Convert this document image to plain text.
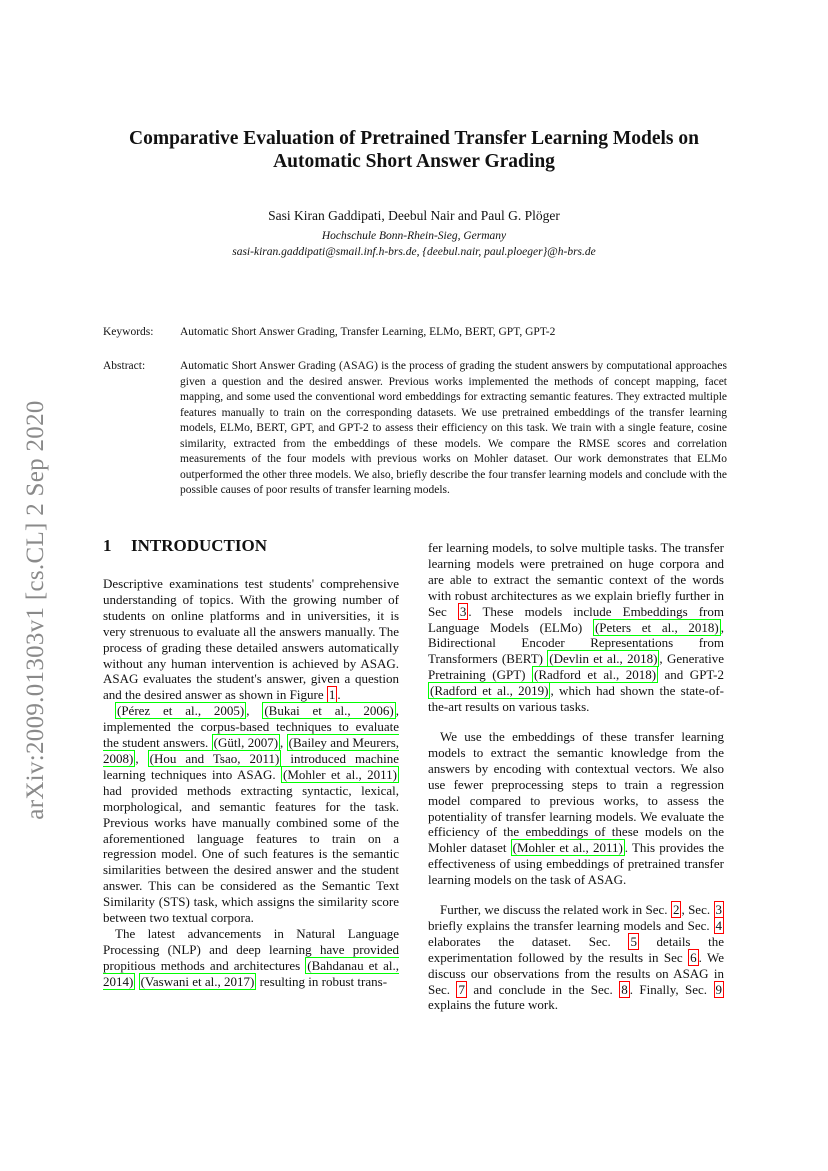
arXiv:2009.01303v1 [cs.CL] 2 Sep 2020
Comparative Evaluation of Pretrained Transfer Learning Models on
Automatic Short Answer Grading
Sasi Kiran Gaddipati, Deebul Nair and Paul G. Plöger
Hochschule Bonn-Rhein-Sieg, Germany
sasi-kiran.gaddipati@smail.inf.h-brs.de, {deebul.nair, paul.ploeger}@h-brs.de
Keywords: Automatic Short Answer Grading, Transfer Learning, ELMo, BERT, GPT, GPT-2
Abstract:	Automatic Short Answer Grading (ASAG) is the process of grading the student answers by computational approaches given a question and the desired answer. Previous works implemented the methods of concept mapping, facet mapping, and some used the conventional word embeddings for extracting semantic features. They extracted multiple features manually to train on the corresponding datasets. We use pretrained embeddings of the transfer learning models, ELMo, BERT, GPT, and GPT-2 to assess their efficiency on this task. We train with a single feature, cosine similarity, extracted from the embeddings of these models. We compare the RMSE scores and correlation measurements of the four models with previous works on Mohler dataset. Our work demonstrates that ELMo outperformed the other three models. We also, briefly describe the four transfer learning models and conclude with the possible causes of poor results of transfer learning models.
1 INTRODUCTION

Descriptive examinations test students' comprehensive understanding of topics. With the growing number of students on online platforms and in universities, it is very strenuous to evaluate all the answers manually. The process of grading these detailed answers automatically without any human intervention is achieved by ASAG. ASAG evaluates the student's answer, given a question and the desired answer as shown in Figure 1 .

(Pérez et al., 2005) , (Bukai et al., 2006) , implemented the corpus-based techniques to evaluate the student answers. (Gütl, 2007) , (Bailey and Meurers, 2008) , (Hou and Tsao, 2011) introduced machine learning techniques into ASAG. (Mohler et al., 2011) had provided methods extracting syntactic, lexical, morphological, and semantic features for the task. Previous works have manually combined some of the aforementioned language features to train on a regression model. One of such features is the semantic similarities between the desired answer and the student answer. This can be considered as the Semantic Text Similarity (STS) task, which assigns the similarity score between two textual corpora.

The latest advancements in Natural Language Processing (NLP) and deep learning have provided propitious methods and architectures (Bahdanau et al., 2014) (Vaswani et al., 2017) resulting in robust trans-

fer learning models, to solve multiple tasks. The transfer learning models were pretrained on huge corpora and are able to extract the semantic context of the words with robust architectures as we explain briefly further in Sec 3 . These models include Embeddings from Language Models (ELMo) (Peters et al., 2018) , Bidirectional Encoder Representations from Transformers (BERT) (Devlin et al., 2018) , Generative Pretraining (GPT) (Radford et al., 2018) and GPT-2 (Radford et al., 2019) , which had shown the state-of-the-art results on various tasks.

We use the embeddings of these transfer learning models to extract the semantic knowledge from the answers by encoding with contextual vectors. We also use fewer preprocessing steps to train a regression model compared to previous works, to assess the potentiality of transfer learning models. We evaluate the efficiency of the embeddings of these models on the Mohler dataset (Mohler et al., 2011) . This provides the effectiveness of using embeddings of pretrained transfer learning models on the task of ASAG.

Further, we discuss the related work in Sec. 2 , Sec. 3 briefly explains the transfer learning models and Sec. 4 elaborates the dataset. Sec. 5 details the experimentation followed by the results in Sec 6 . We discuss our observations from the results on ASAG in Sec. 7 and conclude in the Sec. 8 . Finally, Sec. 9 explains the future work.
